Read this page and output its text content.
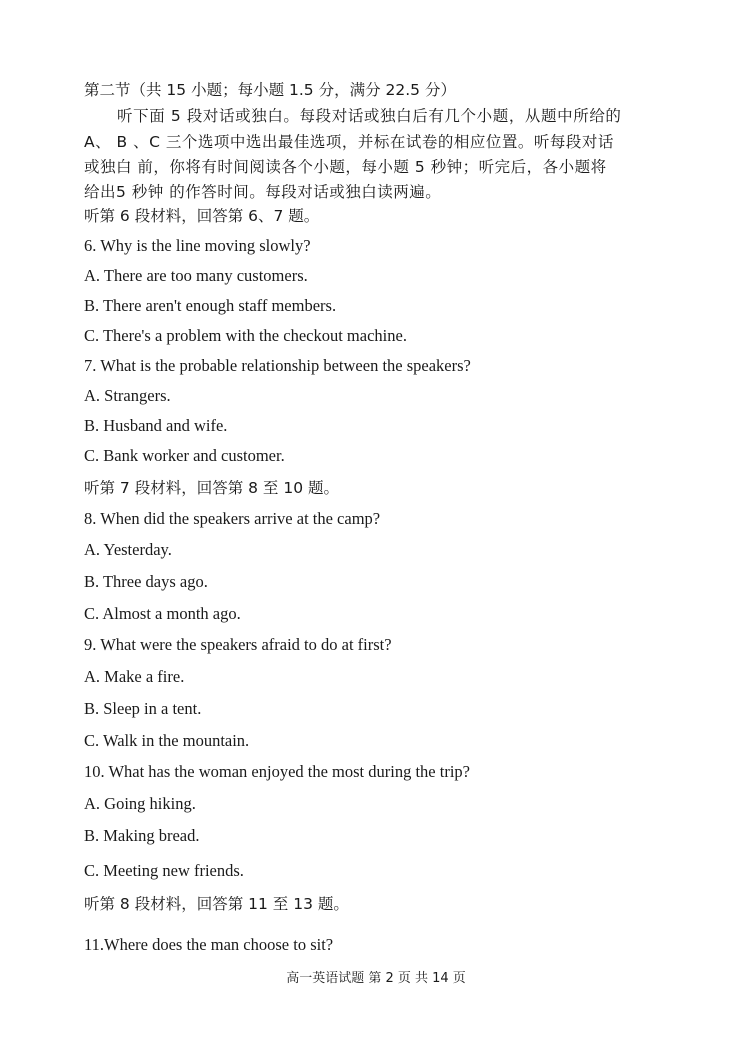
第二节（共 15 小题；每小题 1.5 分，满分 22.5 分）
听下面 5 段对话或独白。每段对话或独白后有几个小题，从题中所给的
A、 B 、C 三个选项中选出最佳选项，并标在试卷的相应位置。听每段对话
或独白 前，你将有时间阅读各个小题，每小题 5 秒钟；听完后，各小题将
给出5 秒钟 的作答时间。每段对话或独白读两遍。
听第 6 段材料，回答第 6、7 题。
6. Why is the line moving slowly?
A. There are too many customers.
B. There aren't enough staff members.
C. There's a problem with the checkout machine.
7. What is the probable relationship between the speakers?
A. Strangers.
B. Husband and wife.
C. Bank worker and customer.
听第 7 段材料，回答第 8 至 10 题。
8. When did the speakers arrive at the camp?
A. Yesterday.
B. Three days ago.
C. Almost a month ago.
9. What were the speakers afraid to do at first?
A. Make a fire.
B. Sleep in a tent.
C. Walk in the mountain.
10. What has the woman enjoyed the most during the trip?
A. Going hiking.
B. Making bread.
C. Meeting new friends.
听第 8 段材料，回答第 11 至 13 题。
11.Where does the man choose to sit?
高一英语试题 第 2 页 共 14 页
